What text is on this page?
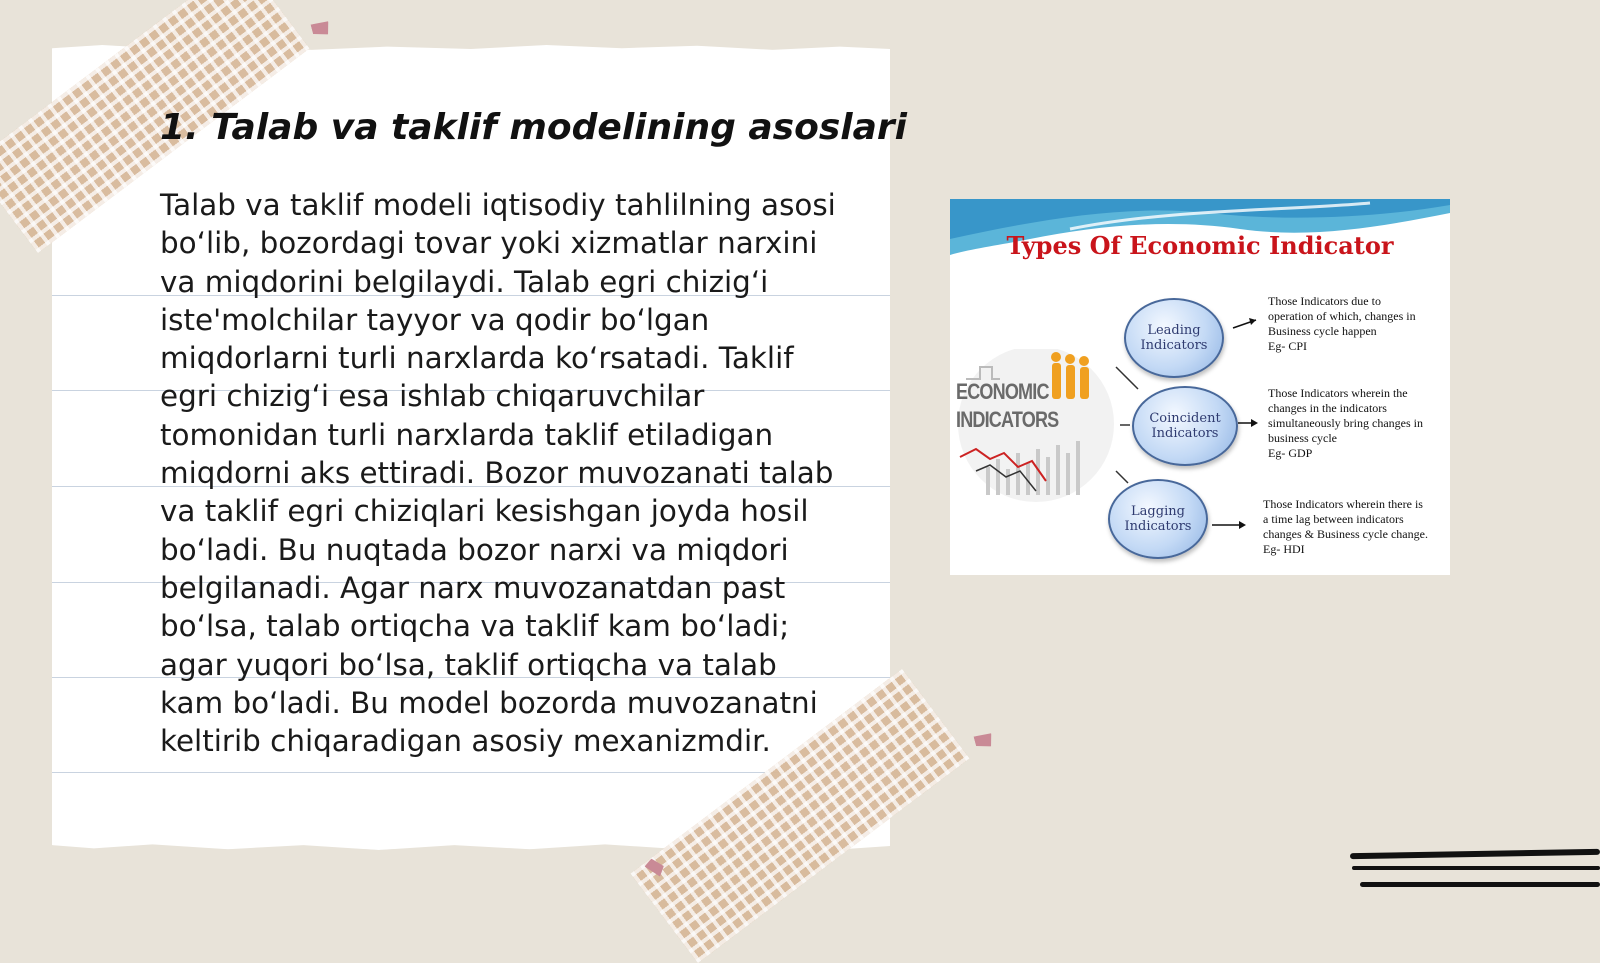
1. Talab va taklif modelining asoslari

Talab va taklif modeli iqtisodiy tahlilning asosi bo‘lib, bozordagi tovar yoki xizmatlar narxini va miqdorini belgilaydi. Talab egri chizig‘i iste'molchilar tayyor va qodir bo‘lgan miqdorlarni turli narxlarda ko‘rsatadi. Taklif egri chizig‘i esa ishlab chiqaruvchilar tomonidan turli narxlarda taklif etiladigan miqdorni aks ettiradi. Bozor muvozanati talab va taklif egri chiziqlari kesishgan joyda hosil bo‘ladi. Bu nuqtada bozor narxi va miqdori belgilanadi. Agar narx muvozanatdan past bo‘lsa, talab ortiqcha va taklif kam bo‘ladi; agar yuqori bo‘lsa, taklif ortiqcha va talab kam bo‘ladi. Bu model bozorda muvozanatni keltirib chiqaradigan asosiy mexanizmdir.

Types Of Economic Indicator
ECONOMIC
INDICATORS
Leading Indicators
Coincident Indicators
Lagging Indicators
Those Indicators due to
operation of which, changes in
Business cycle happen
Eg- CPI
Those Indicators wherein the
changes in the indicators
simultaneously bring changes in
business cycle
Eg- GDP
Those Indicators wherein there is
a time lag between indicators
changes & Business cycle change.
Eg- HDI
